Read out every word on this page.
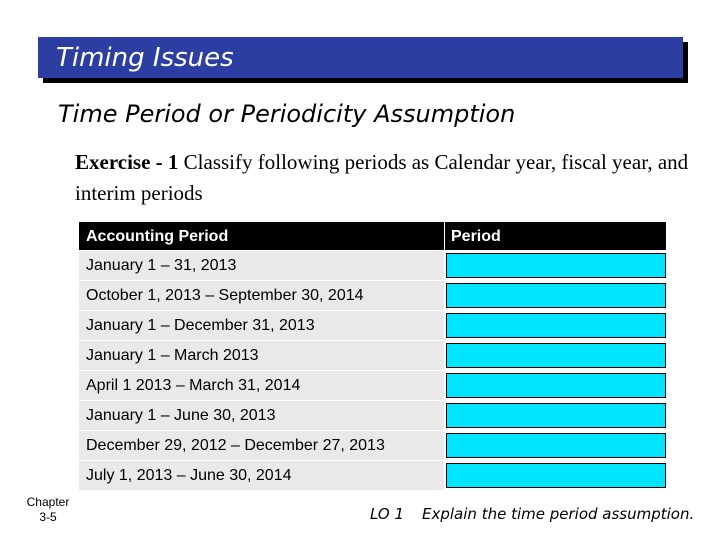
Timing Issues
Time Period or Periodicity Assumption
Exercise - 1 Classify following periods as Calendar year, fiscal year, and interim periods
Accounting Period	Period
January 1 – 31, 2013
October 1, 2013 – September 30, 2014
January 1 – December 31, 2013
January 1 – March 2013
April 1 2013 – March 31, 2014
January 1 – June 30, 2013
December 29, 2012 – December 27, 2013
July 1, 2013 – June 30, 2014
Chapter
3-5	LO 1 Explain the time period assumption.
